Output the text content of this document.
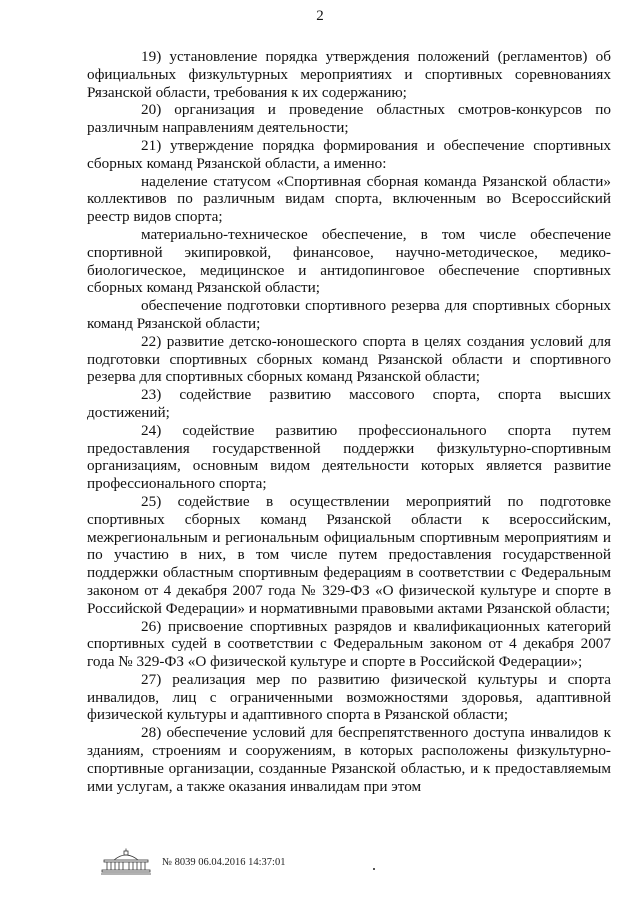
2

19) установление порядка утверждения положений (регламентов) об официальных физкультурных мероприятиях и спортивных соревнованиях Рязанской области, требования к их содержанию;

20) организация и проведение областных смотров-конкурсов по различным направлениям деятельности;

21) утверждение порядка формирования и обеспечение спортивных сборных команд Рязанской области, а именно:

наделение статусом «Спортивная сборная команда Рязанской области» коллективов по различным видам спорта, включенным во Всероссийский реестр видов спорта;

материально-техническое обеспечение, в том числе обеспечение спортивной экипировкой, финансовое, научно-методическое, медико-биологическое, медицинское и антидопинговое обеспечение спортивных сборных команд Рязанской области;

обеспечение подготовки спортивного резерва для спортивных сборных команд Рязанской области;

22) развитие детско-юношеского спорта в целях создания условий для подготовки спортивных сборных команд Рязанской области и спортивного резерва для спортивных сборных команд Рязанской области;

23) содействие развитию массового спорта, спорта высших достижений;

24) содействие развитию профессионального спорта путем предоставления государственной поддержки физкультурно-спортивным организациям, основным видом деятельности которых является развитие профессионального спорта;

25) содействие в осуществлении мероприятий по подготовке спортивных сборных команд Рязанской области к всероссийским, межрегиональным и региональным официальным спортивным мероприятиям и по участию в них, в том числе путем предоставления государственной поддержки областным спортивным федерациям в соответствии с Федеральным законом от 4 декабря 2007 года № 329-ФЗ «О физической культуре и спорте в Российской Федерации» и нормативными правовыми актами Рязанской области;

26) присвоение спортивных разрядов и квалификационных категорий спортивных судей в соответствии с Федеральным законом от 4 декабря 2007 года № 329-ФЗ «О физической культуре и спорте в Российской Федерации»;

27) реализация мер по развитию физической культуры и спорта инвалидов, лиц с ограниченными возможностями здоровья, адаптивной физической культуры и адаптивного спорта в Рязанской области;

28) обеспечение условий для беспрепятственного доступа инвалидов к зданиям, строениям и сооружениям, в которых расположены физкультурно-спортивные организации, созданные Рязанской областью, и к предоставляемым ими услугам, а также оказания инвалидам при этом

№ 8039 06.04.2016 14:37:01
